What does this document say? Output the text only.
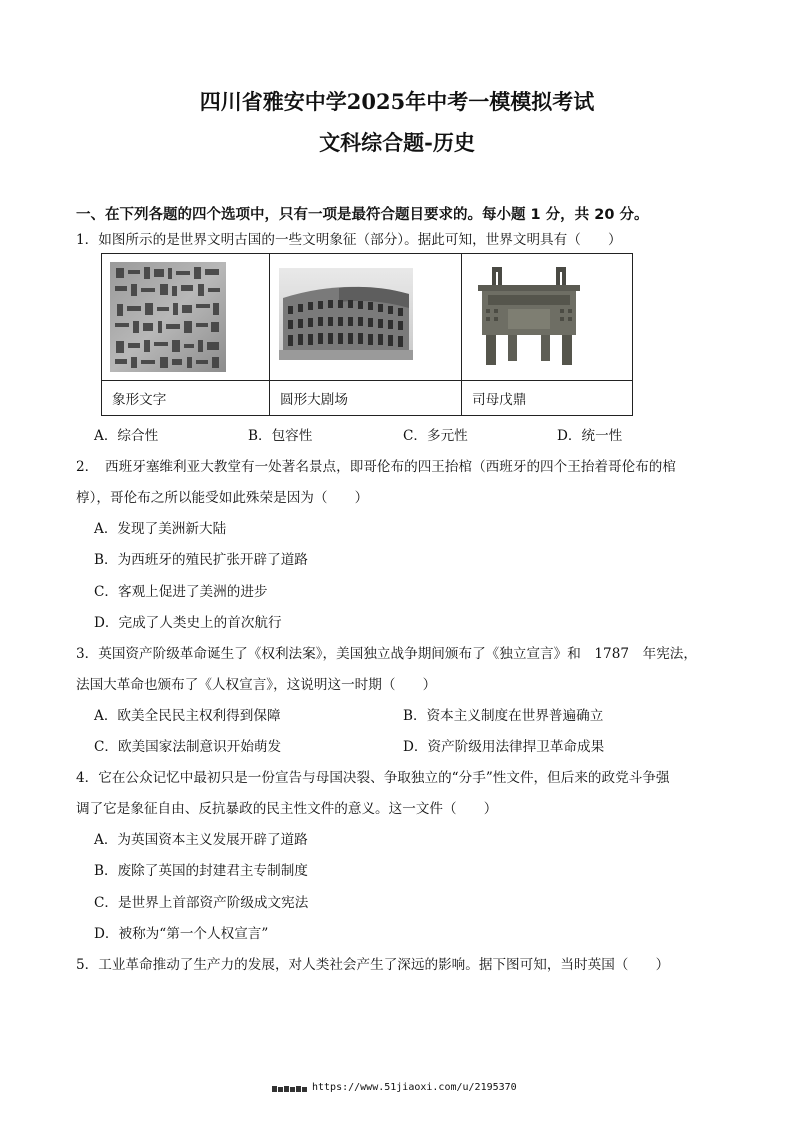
四川省雅安中学2025年中考一模模拟考试
文科综合题-历史
一、在下列各题的四个选项中，只有一项是最符合题目要求的。每小题 1 分，共 20 分。
1．如图所示的是世界文明古国的一些文明象征（部分）。据此可知，世界文明具有（　　）

象形文字	圆形大剧场	司母戊鼎
A．综合性	B．包容性	C．多元性	D．统一性
2．　西班牙塞维利亚大教堂有一处著名景点，即哥伦布的四王抬棺（西班牙的四个王抬着哥伦布的棺
椁），哥伦布之所以能受如此殊荣是因为（　　）
A．发现了美洲新大陆
B．为西班牙的殖民扩张开辟了道路
C．客观上促进了美洲的进步
D．完成了人类史上的首次航行
3．英国资产阶级革命诞生了《权利法案》，美国独立战争期间颁布了《独立宣言》和　1787　年宪法，
法国大革命也颁布了《人权宣言》，这说明这一时期（　　）
A．欧美全民民主权利得到保障	B．资本主义制度在世界普遍确立
C．欧美国家法制意识开始萌发	D．资产阶级用法律捍卫革命成果
4．它在公众记忆中最初只是一份宣告与母国决裂、争取独立的“分手”性文件，但后来的政党斗争强
调了它是象征自由、反抗暴政的民主性文件的意义。这一文件（　　）
A．为英国资本主义发展开辟了道路
B．废除了英国的封建君主专制制度
C．是世界上首部资产阶级成文宪法
D．被称为“第一个人权宣言”
5．工业革命推动了生产力的发展，对人类社会产生了深远的影响。据下图可知，当时英国（　　）
https://www.51jiaoxi.com/u/2195370
